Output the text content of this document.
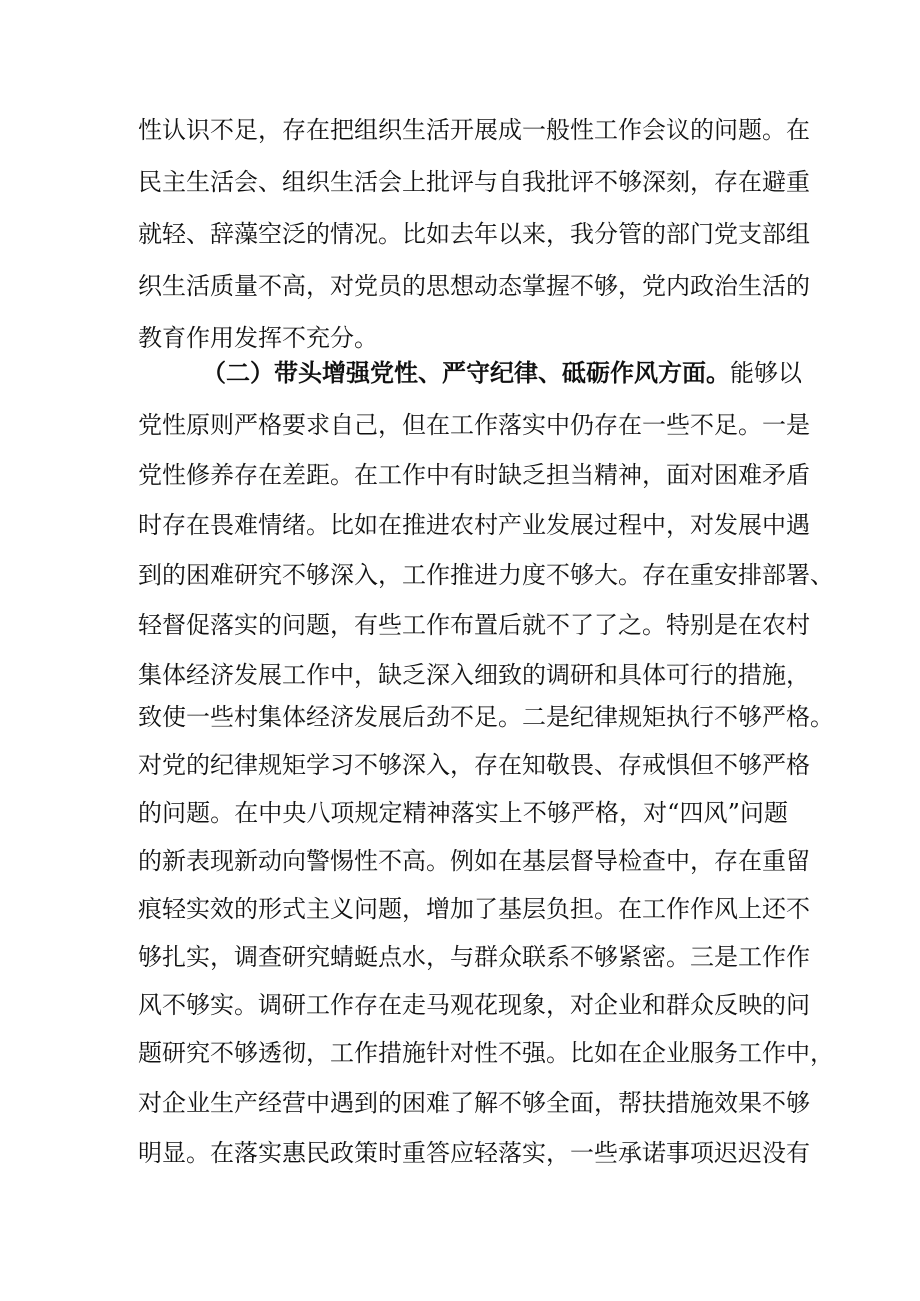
性认识不足，存在把组织生活开展成一般性工作会议的问题。在
民主生活会、组织生活会上批评与自我批评不够深刻，存在避重
就轻、辞藻空泛的情况。比如去年以来，我分管的部门党支部组
织生活质量不高，对党员的思想动态掌握不够，党内政治生活的
教育作用发挥不充分。
（二）带头增强党性、严守纪律、砥砺作风方面。能够以
党性原则严格要求自己，但在工作落实中仍存在一些不足。一是
党性修养存在差距。在工作中有时缺乏担当精神，面对困难矛盾
时存在畏难情绪。比如在推进农村产业发展过程中，对发展中遇
到的困难研究不够深入，工作推进力度不够大。存在重安排部署、
轻督促落实的问题，有些工作布置后就不了了之。特别是在农村
集体经济发展工作中，缺乏深入细致的调研和具体可行的措施，
致使一些村集体经济发展后劲不足。二是纪律规矩执行不够严格。
对党的纪律规矩学习不够深入，存在知敬畏、存戒惧但不够严格
的问题。在中央八项规定精神落实上不够严格，对“四风”问题
的新表现新动向警惕性不高。例如在基层督导检查中，存在重留
痕轻实效的形式主义问题，增加了基层负担。在工作作风上还不
够扎实，调查研究蜻蜓点水，与群众联系不够紧密。三是工作作
风不够实。调研工作存在走马观花现象，对企业和群众反映的问
题研究不够透彻，工作措施针对性不强。比如在企业服务工作中，
对企业生产经营中遇到的困难了解不够全面，帮扶措施效果不够
明显。在落实惠民政策时重答应轻落实，一些承诺事项迟迟没有
